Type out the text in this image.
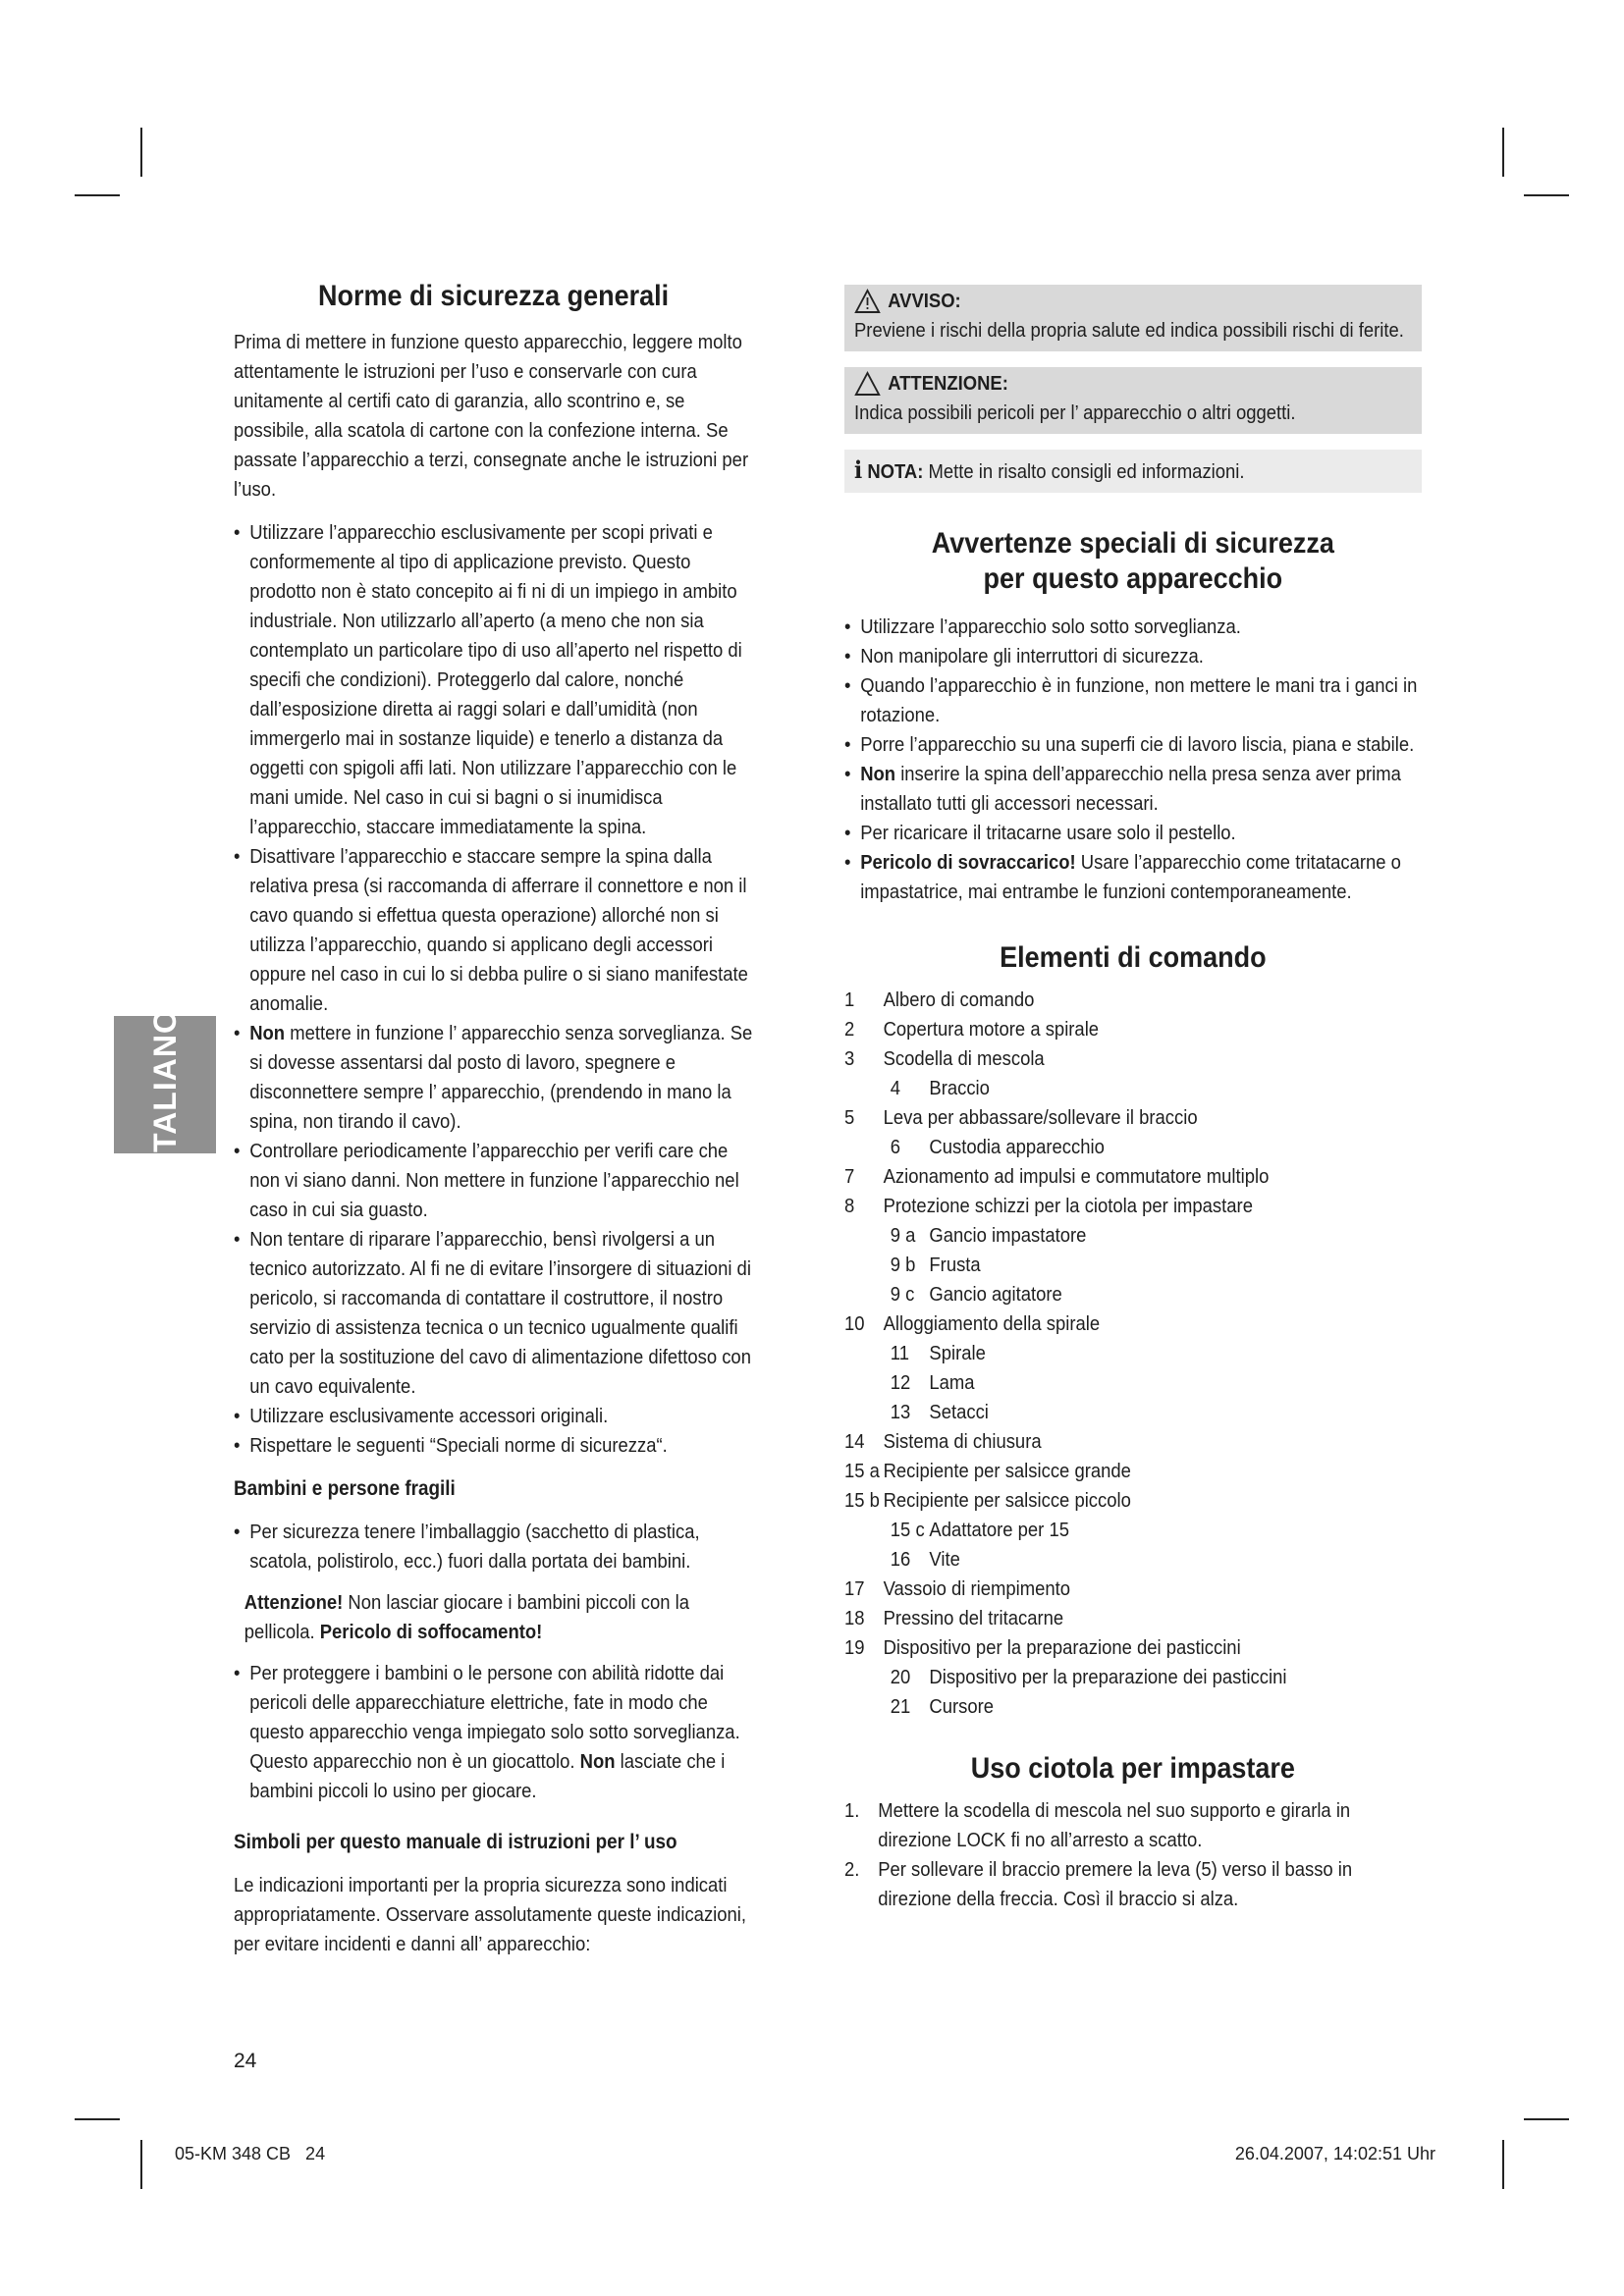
ITALIANO
Norme di sicurezza generali

Prima di mettere in funzione questo apparecchio, leggere molto attentamente le istruzioni per l’uso e conservarle con cura unitamente al certifi cato di garanzia, allo scontrino e, se possibile, alla scatola di cartone con la confezione interna. Se passate l’apparecchio a terzi, consegnate anche le istruzioni per l’uso.

• Utilizzare l’apparecchio esclusivamente per scopi privati e conformemente al tipo di applicazione previsto. Questo prodotto non è stato concepito ai fi ni di un impiego in ambito industriale. Non utilizzarlo all’aperto (a meno che non sia contemplato un particolare tipo di uso all’aperto nel rispetto di specifi che condizioni). Proteggerlo dal calore, nonché dall’esposizione diretta ai raggi solari e dall’umidità (non immergerlo mai in sostanze liquide) e tenerlo a distanza da oggetti con spigoli affi lati. Non utilizzare l’apparecchio con le mani umide. Nel caso in cui si bagni o si inumidisca l’apparecchio, staccare immediatamente la spina.
• Disattivare l’apparecchio e staccare sempre la spina dalla relativa presa (si raccomanda di afferrare il connettore e non il cavo quando si effettua questa operazione) allorché non si utilizza l’apparecchio, quando si applicano degli accessori oppure nel caso in cui lo si debba pulire o si siano manifestate anomalie.
• Non mettere in funzione l’ apparecchio senza sorveglianza. Se si dovesse assentarsi dal posto di lavoro, spegnere e disconnettere sempre l’ apparecchio, (prendendo in mano la spina, non tirando il cavo).
• Controllare periodicamente l’apparecchio per verifi care che non vi siano danni. Non mettere in funzione l’apparecchio nel caso in cui sia guasto.
• Non tentare di riparare l’apparecchio, bensì rivolgersi a un tecnico autorizzato. Al fi ne di evitare l’insorgere di situazioni di pericolo, si raccomanda di contattare il costruttore, il nostro servizio di assistenza tecnica o un tecnico ugualmente qualifi cato per la sostituzione del cavo di alimentazione difettoso con un cavo equivalente.
• Utilizzare esclusivamente accessori originali.
• Rispettare le seguenti “Speciali norme di sicurezza“.
Bambini e persone fragili
• Per sicurezza tenere l’imballaggio (sacchetto di plastica, scatola, polistirolo, ecc.) fuori dalla portata dei bambini.

Attenzione! Non lasciar giocare i bambini piccoli con la pellicola. Pericolo di soffocamento!

• Per proteggere i bambini o le persone con abilità ridotte dai pericoli delle apparecchiature elettriche, fate in modo che questo apparecchio venga impiegato solo sotto sorveglianza. Questo apparecchio non è un giocattolo. Non lasciate che i bambini piccoli lo usino per giocare.
Simboli per questo manuale di istruzioni per l’ uso

Le indicazioni importanti per la propria sicurezza sono indicati appropriatamente. Osservare assolutamente queste indicazioni, per evitare incidenti e danni all’ apparecchio:

AVVISO:
Previene i rischi della propria salute ed indica possibili rischi di ferite.
ATTENZIONE:
Indica possibili pericoli per l’ apparecchio o altri oggetti.
i NOTA: Mette in risalto consigli ed informazioni.
Avvertenze speciali di sicurezza
per questo apparecchio
• Utilizzare l’apparecchio solo sotto sorveglianza.
• Non manipolare gli interruttori di sicurezza.
• Quando l’apparecchio è in funzione, non mettere le mani tra i ganci in rotazione.
• Porre l’apparecchio su una superfi cie di lavoro liscia, piana e stabile.
• Non inserire la spina dell’apparecchio nella presa senza aver prima installato tutti gli accessori necessari.
• Per ricaricare il tritacarne usare solo il pestello.
• Pericolo di sovraccarico! Usare l’apparecchio come tritatacarne o impastatrice, mai entrambe le funzioni contemporaneamente.
Elementi di comando
1	Albero di comando
2	Copertura motore a spirale
3	Scodella di mescola
4	Braccio
5	Leva per abbassare/sollevare il braccio
6	Custodia apparecchio
7	Azionamento ad impulsi e commutatore multiplo
8	Protezione schizzi per la ciotola per impastare
9 a Gancio impastatore
9 b Frusta
9 c Gancio agitatore
10 Alloggiamento della spirale
11 Spirale
12 Lama
13 Setacci
14 Sistema di chiusura
15 a Recipiente per salsicce grande
15 b Recipiente per salsicce piccolo
15 c Adattatore per 15
16 Vite
17 Vassoio di riempimento
18 Pressino del tritacarne
19 Dispositivo per la preparazione dei pasticcini
20 Dispositivo per la preparazione dei pasticcini
21 Cursore
Uso ciotola per impastare
1. Mettere la scodella di mescola nel suo supporto e girarla in direzione LOCK fi no all’arresto a scatto.
2. Per sollevare il braccio premere la leva (5) verso il basso in direzione della freccia. Così il braccio si alza.
24
05-KM 348 CB   24	26.04.2007, 14:02:51 Uhr
